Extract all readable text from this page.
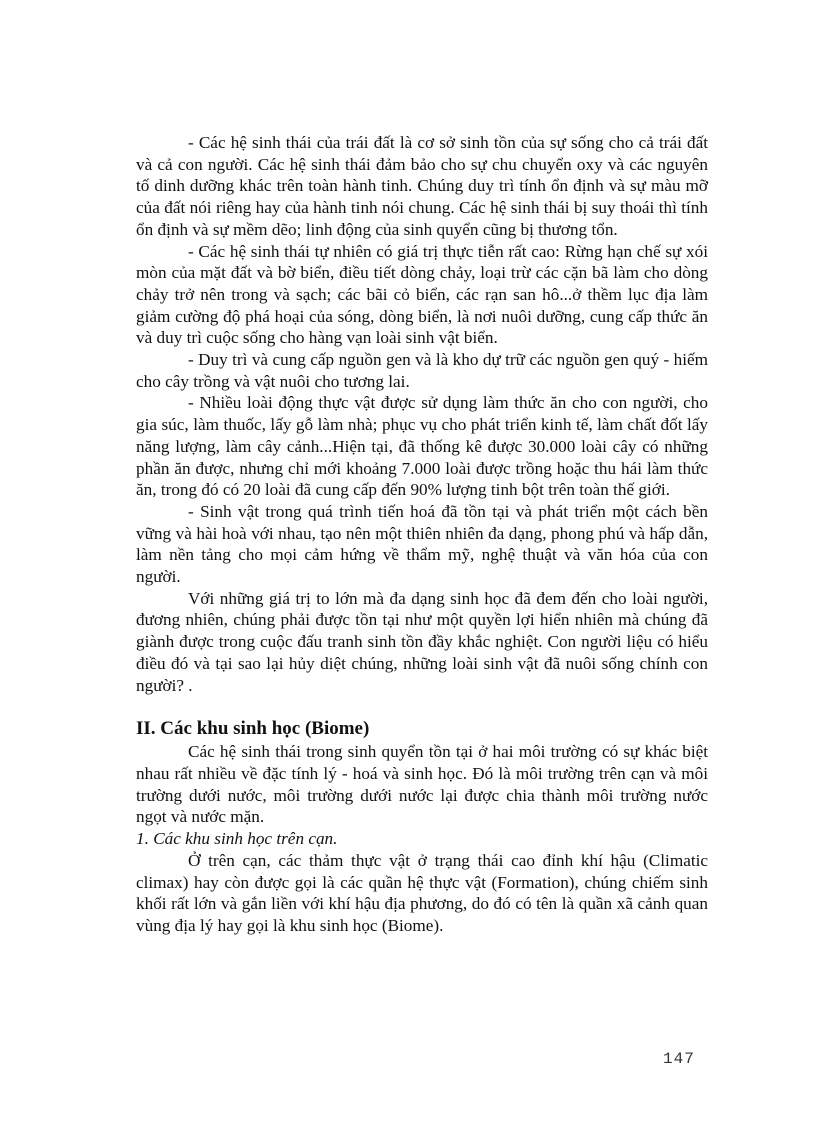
- Các hệ sinh thái của trái đất là cơ sở sinh tồn của sự sống cho cả trái đất và cả con người. Các hệ sinh thái đảm bảo cho sự chu chuyển oxy và các nguyên tố dinh dưỡng khác trên toàn hành tinh. Chúng duy trì tính ổn định và sự màu mỡ của đất nói riêng hay của hành tinh nói chung. Các hệ sinh thái bị suy thoái thì tính ổn định và sự mềm dẽo; linh động của sinh quyển cũng bị thương tổn.

- Các hệ sinh thái tự nhiên có giá trị thực tiễn rất cao: Rừng hạn chế sự xói mòn của mặt đất và bờ biển, điều tiết dòng chảy, loại trừ các cặn bã làm cho dòng chảy trở nên trong và sạch; các bãi cỏ biển, các rạn san hô...ở thềm lục địa làm giảm cường độ phá hoại của sóng, dòng biển, là nơi nuôi dưỡng, cung cấp thức ăn và duy trì cuộc sống cho hàng vạn loài sinh vật biển.

- Duy trì và cung cấp nguồn gen và là kho dự trữ các nguồn gen quý - hiếm cho cây trồng và vật nuôi cho tương lai.

- Nhiều loài động thực vật được sử dụng làm thức ăn cho con người, cho gia súc, làm thuốc, lấy gỗ làm nhà; phục vụ cho phát triển kinh tế, làm chất đốt lấy năng lượng, làm cây cảnh...Hiện tại, đã thống kê được 30.000 loài cây có những phần ăn được, nhưng chỉ mới khoảng 7.000 loài được trồng hoặc thu hái làm thức ăn, trong đó có 20 loài đã cung cấp đến 90% lượng tinh bột trên toàn thế giới.

- Sinh vật trong quá trình tiến hoá đã tồn tại và phát triển một cách bền vững và hài hoà với nhau, tạo nên một thiên nhiên đa dạng, phong phú và hấp dẫn, làm nền tảng cho mọi cảm hứng về thẩm mỹ, nghệ thuật và văn hóa của con người.

Với những giá trị to lớn mà đa dạng sinh học đã đem đến cho loài người, đương nhiên, chúng phải được tồn tại như một quyền lợi hiển nhiên mà chúng đã giành được trong cuộc đấu tranh sinh tồn đầy khắc nghiệt. Con người liệu có hiểu điều đó và tại sao lại hủy diệt chúng, những loài sinh vật đã nuôi sống chính con người? .

II. Các khu sinh học (Biome)

Các hệ sinh thái trong sinh quyển tồn tại ở hai môi trường có sự khác biệt nhau rất nhiều về đặc tính lý - hoá và sinh học. Đó là môi trường trên cạn và môi trường dưới nước, môi trường dưới nước lại được chia thành môi trường nước ngọt và nước mặn.

1. Các khu sinh học trên cạn.

Ở trên cạn, các thảm thực vật ở trạng thái cao đỉnh khí hậu (Climatic climax) hay còn được gọi là các quần hệ thực vật (Formation), chúng chiếm sinh khối rất lớn và gắn liền với khí hậu địa phương, do đó có tên là quần xã cảnh quan vùng địa lý hay gọi là khu sinh học (Biome).

147
